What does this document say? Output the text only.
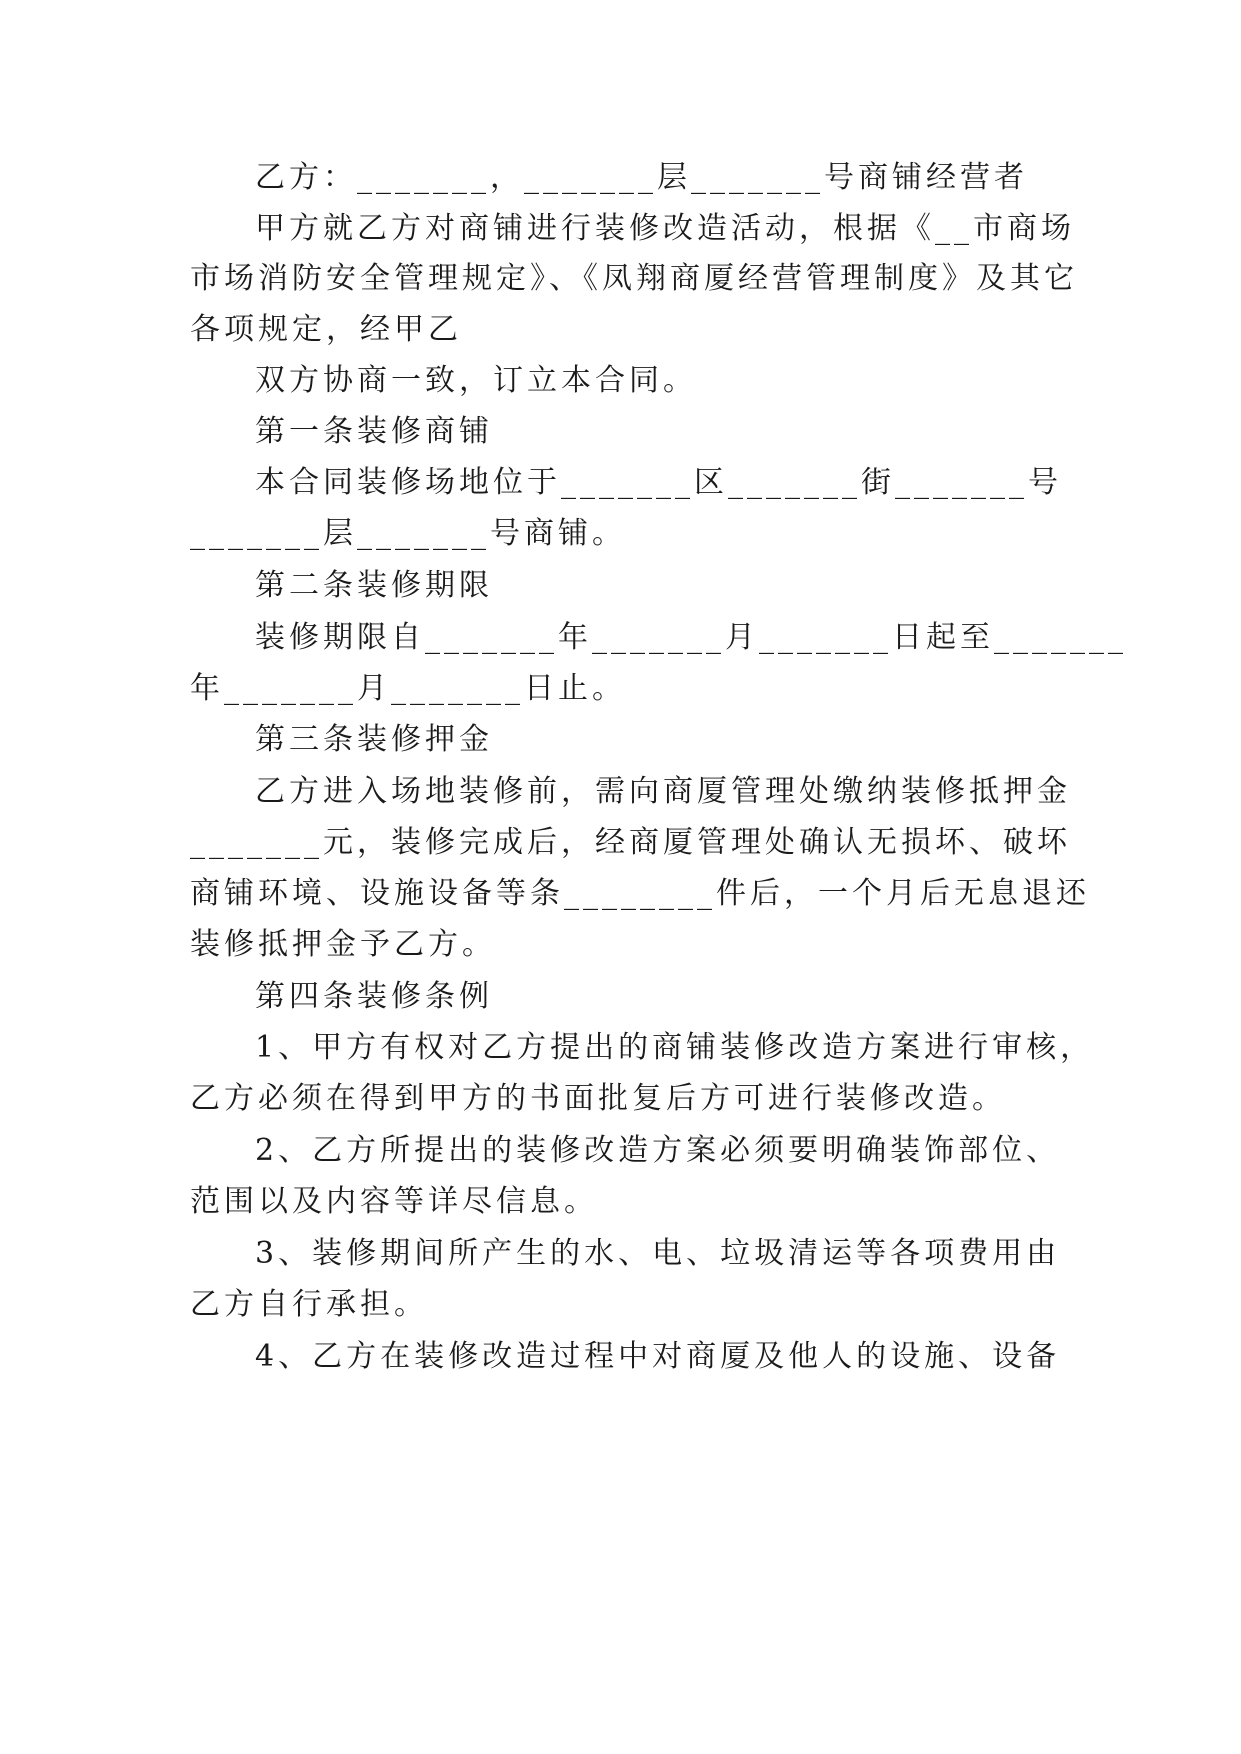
乙方：_______，_______层_______号商铺经营者
甲方就乙方对商铺进行装修改造活动，根据《__市商场
市场消防安全管理规定》、《凤翔商厦经营管理制度》及其它
各项规定，经甲乙
双方协商一致，订立本合同。
第一条装修商铺
本合同装修场地位于_______区_______街_______号
_______层_______号商铺。
第二条装修期限
装修期限自_______年_______月_______日起至_______
年_______月_______日止。
第三条装修押金
乙方进入场地装修前，需向商厦管理处缴纳装修抵押金
_______元，装修完成后，经商厦管理处确认无损坏、破坏
商铺环境、设施设备等条________件后，一个月后无息退还
装修抵押金予乙方。
第四条装修条例
1、甲方有权对乙方提出的商铺装修改造方案进行审核，
乙方必须在得到甲方的书面批复后方可进行装修改造。
2、乙方所提出的装修改造方案必须要明确装饰部位、
范围以及内容等详尽信息。
3、装修期间所产生的水、电、垃圾清运等各项费用由
乙方自行承担。
4、乙方在装修改造过程中对商厦及他人的设施、设备
